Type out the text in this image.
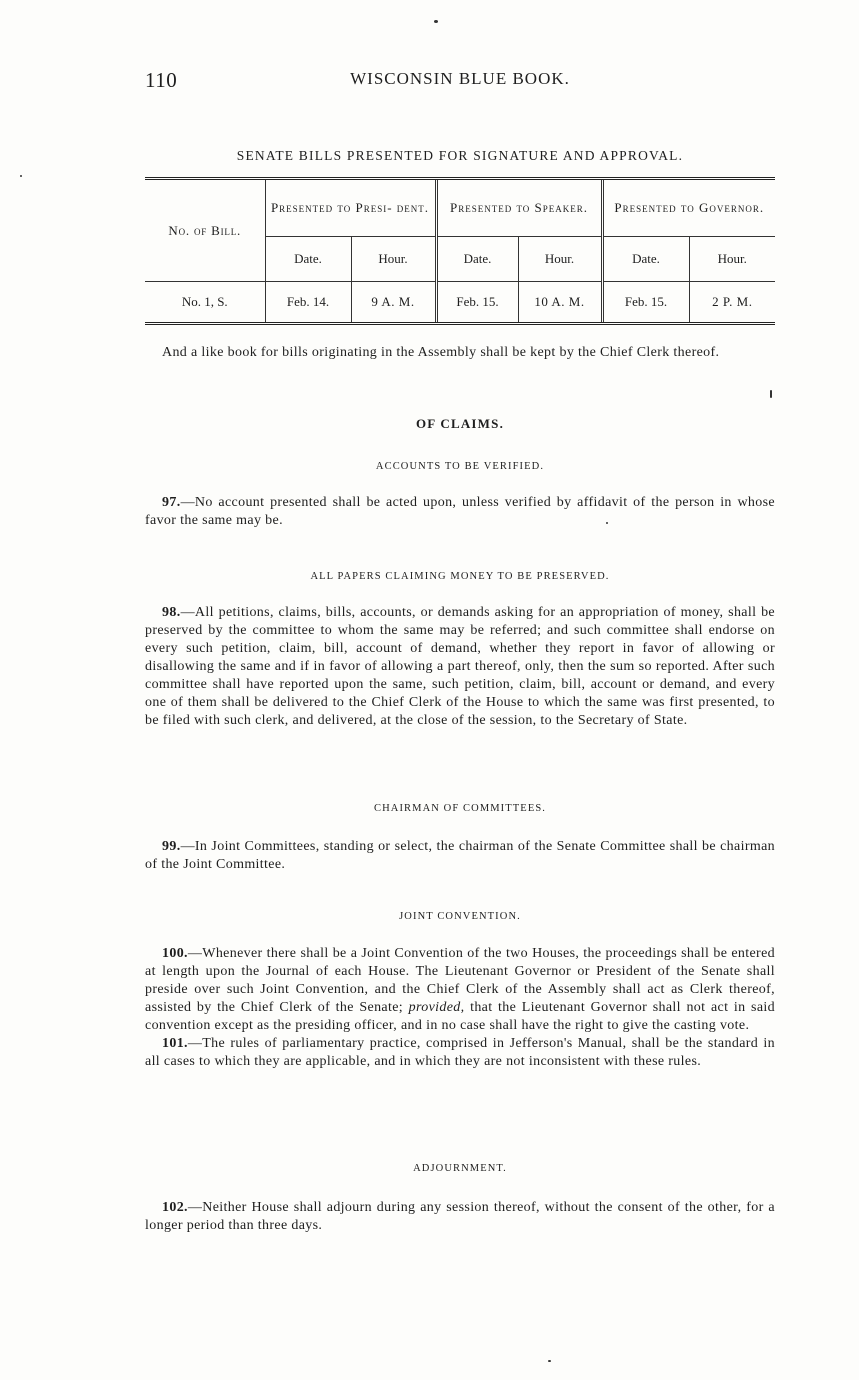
110	WISCONSIN BLUE BOOK.
SENATE BILLS PRESENTED FOR SIGNATURE AND APPROVAL.
No. of Bill.	Presented to Presi- dent.		Presented to Speaker.		Presented to Governor.	
	Date.	Hour.	Date.	Hour.	Date.	Hour.
No. 1, S.	Feb. 14.	9 A. M.	Feb. 15.	10 A. M.	Feb. 15.	2 P. M.

And a like book for bills originating in the Assembly shall be kept by the Chief Clerk thereof.

OF CLAIMS.
ACCOUNTS TO BE VERIFIED.

97.—No account presented shall be acted upon, unless verified by affidavit of the person in whose favor the same may be.

ALL PAPERS CLAIMING MONEY TO BE PRESERVED.

98.—All petitions, claims, bills, accounts, or demands asking for an appropriation of money, shall be preserved by the committee to whom the same may be referred; and such committee shall endorse on every such petition, claim, bill, account of demand, whether they report in favor of allowing or disallowing the same and if in favor of allowing a part thereof, only, then the sum so reported. After such committee shall have reported upon the same, such petition, claim, bill, account or demand, and every one of them shall be delivered to the Chief Clerk of the House to which the same was first presented, to be filed with such clerk, and delivered, at the close of the session, to the Secretary of State.

CHAIRMAN OF COMMITTEES.

99.—In Joint Committees, standing or select, the chairman of the Senate Committee shall be chairman of the Joint Committee.

JOINT CONVENTION.

100.—Whenever there shall be a Joint Convention of the two Houses, the proceedings shall be entered at length upon the Journal of each House. The Lieutenant Governor or President of the Senate shall preside over such Joint Convention, and the Chief Clerk of the Assembly shall act as Clerk thereof, assisted by the Chief Clerk of the Senate; provided, that the Lieutenant Governor shall not act in said convention except as the presiding officer, and in no case shall have the right to give the casting vote.

101.—The rules of parliamentary practice, comprised in Jefferson's Manual, shall be the standard in all cases to which they are applicable, and in which they are not inconsistent with these rules.

ADJOURNMENT.

102.—Neither House shall adjourn during any session thereof, without the consent of the other, for a longer period than three days.
